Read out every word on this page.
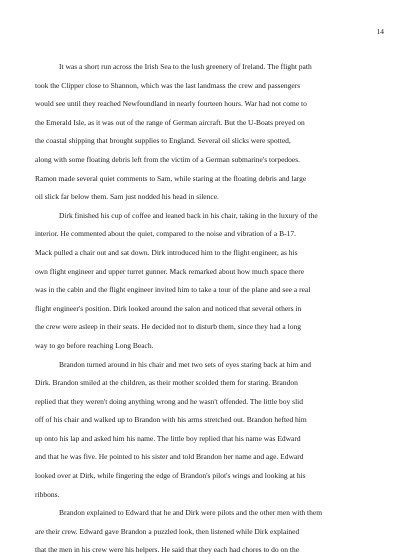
14
It was a short run across the Irish Sea to the lush greenery of Ireland. The flight path
took the Clipper close to Shannon, which was the last landmass the crew and passengers
would see until they reached Newfoundland in nearly fourteen hours. War had not come to
the Emerald Isle, as it was out of the range of German aircraft. But the U-Boats preyed on
the coastal shipping that brought supplies to England. Several oil slicks were spotted,
along with some floating debris left from the victim of a German submarine's torpedoes.
Ramon made several quiet comments to Sam, while staring at the floating debris and large
oil slick far below them. Sam just nodded his head in silence.
Dirk finished his cup of coffee and leaned back in his chair, taking in the luxury of the
interior. He commented about the quiet, compared to the noise and vibration of a B-17.
Mack pulled a chair out and sat down. Dirk introduced him to the flight engineer, as his
own flight engineer and upper turret gunner. Mack remarked about how much space there
was in the cabin and the flight engineer invited him to take a tour of the plane and see a real
flight engineer's position. Dirk looked around the salon and noticed that several others in
the crew were asleep in their seats. He decided not to disturb them, since they had a long
way to go before reaching Long Beach.
Brandon turned around in his chair and met two sets of eyes staring back at him and
Dirk. Brandon smiled at the children, as their mother scolded them for staring. Brandon
replied that they weren't doing anything wrong and he wasn't offended. The little boy slid
off of his chair and walked up to Brandon with his arms stretched out. Brandon hefted him
up onto his lap and asked him his name. The little boy replied that his name was Edward
and that he was five. He pointed to his sister and told Brandon her name and age. Edward
looked over at Dirk, while fingering the edge of Brandon's pilot's wings and looking at his
ribbons.
Brandon explained to Edward that he and Dirk were pilots and the other men with them
are their crew. Edward gave Brandon a puzzled look, then listened while Dirk explained
that the men in his crew were his helpers. He said that they each had chores to do on the
